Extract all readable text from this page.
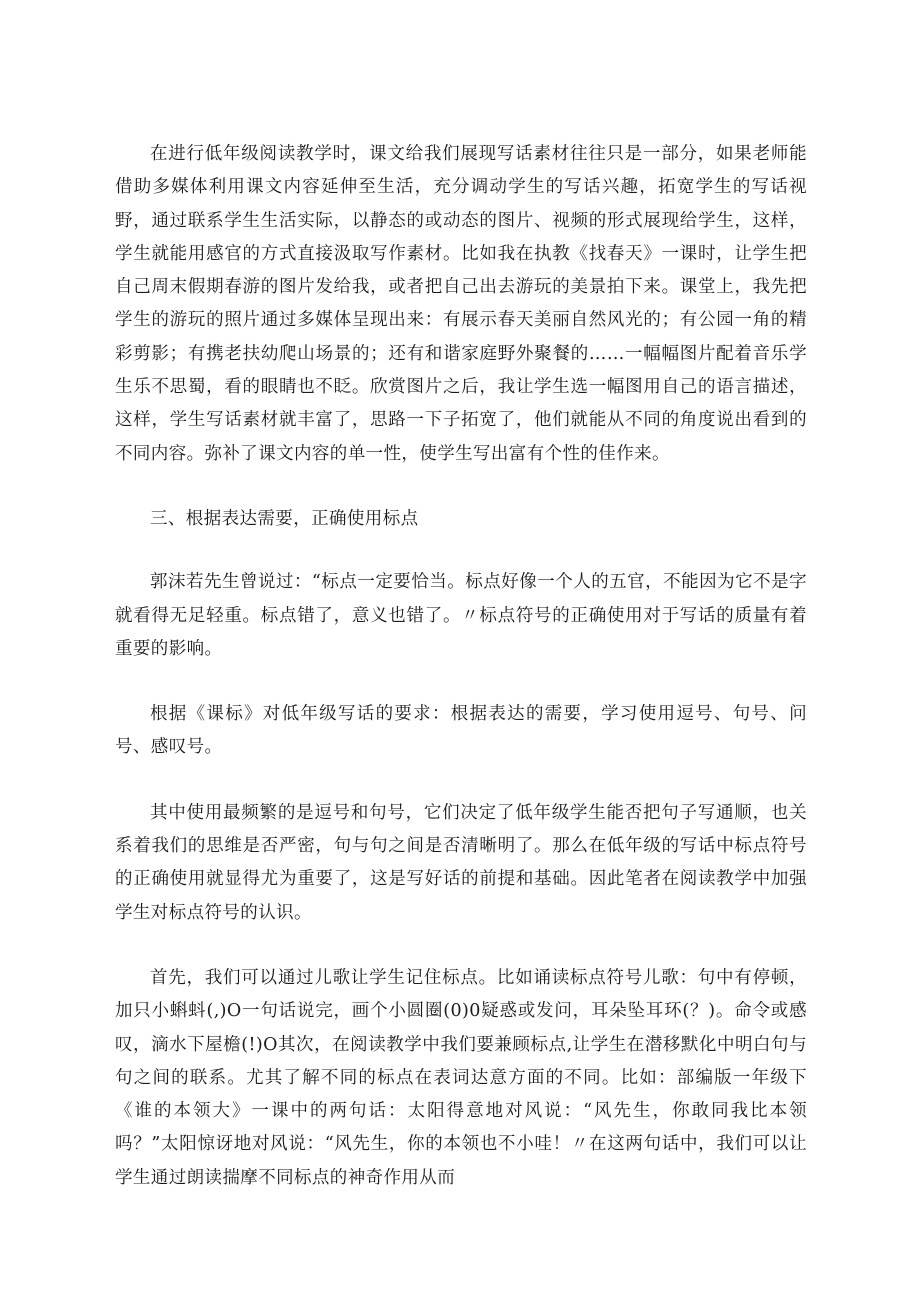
在进行低年级阅读教学时，课文给我们展现写话素材往往只是一部分，如果老师能借助多媒体利用课文内容延伸至生活，充分调动学生的写话兴趣，拓宽学生的写话视野，通过联系学生生活实际，以静态的或动态的图片、视频的形式展现给学生，这样，学生就能用感官的方式直接汲取写作素材。比如我在执教《找春天》一课时，让学生把自己周末假期春游的图片发给我，或者把自己出去游玩的美景拍下来。课堂上，我先把学生的游玩的照片通过多媒体呈现出来：有展示春天美丽自然风光的；有公园一角的精彩剪影；有携老扶幼爬山场景的；还有和谐家庭野外聚餐的……一幅幅图片配着音乐学生乐不思蜀，看的眼睛也不眨。欣赏图片之后，我让学生选一幅图用自己的语言描述，这样，学生写话素材就丰富了，思路一下子拓宽了，他们就能从不同的角度说出看到的不同内容。弥补了课文内容的单一性，使学生写出富有个性的佳作来。

三、根据表达需要，正确使用标点

郭沫若先生曾说过：“标点一定要恰当。标点好像一个人的五官，不能因为它不是字就看得无足轻重。标点错了，意义也错了。〃标点符号的正确使用对于写话的质量有着重要的影响。

根据《课标》对低年级写话的要求：根据表达的需要，学习使用逗号、句号、问号、感叹号。

其中使用最频繁的是逗号和句号，它们决定了低年级学生能否把句子写通顺，也关系着我们的思维是否严密，句与句之间是否清晰明了。那么在低年级的写话中标点符号的正确使用就显得尤为重要了，这是写好话的前提和基础。因此笔者在阅读教学中加强学生对标点符号的认识。

首先，我们可以通过儿歌让学生记住标点。比如诵读标点符号儿歌：句中有停顿，加只小蝌蚪(,)O一句话说完，画个小圆圈(0)0疑惑或发问，耳朵坠耳环(？)。命令或感叹，滴水下屋檐(!)O其次，在阅读教学中我们要兼顾标点,让学生在潜移默化中明白句与句之间的联系。尤其了解不同的标点在表词达意方面的不同。比如：部编版一年级下《谁的本领大》一课中的两句话：太阳得意地对风说：“风先生，你敢同我比本领吗？”太阳惊讶地对风说：“风先生，你的本领也不小哇！〃在这两句话中，我们可以让学生通过朗读揣摩不同标点的神奇作用从而
